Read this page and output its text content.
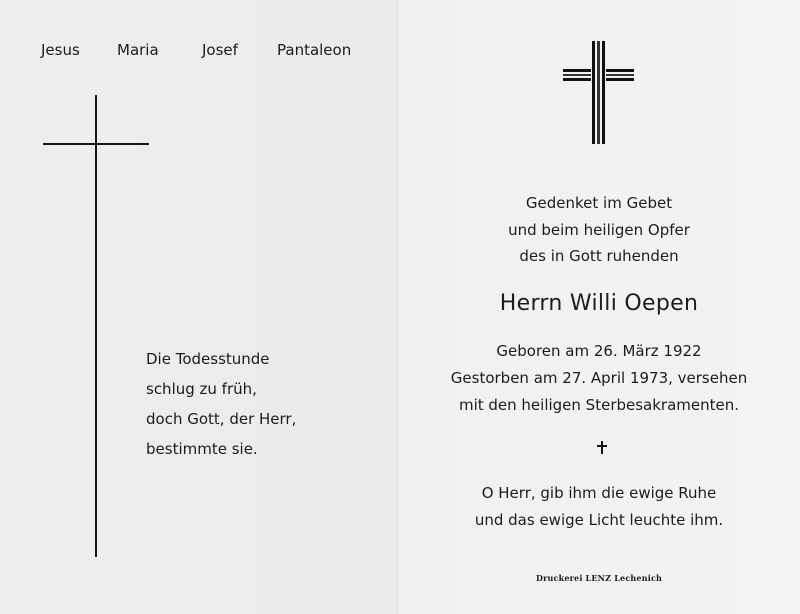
Jesus Maria	Josef	Pantaleon
Die Todesstunde
schlug zu früh,
doch Gott, der Herr,
bestimmte sie.
Gedenket im Gebet
und beim heiligen Opfer
des in Gott ruhenden
Herrn Willi Oepen
Geboren am 26. März 1922
Gestorben am 27. April 1973, versehen
mit den heiligen Sterbesakramenten.
O Herr, gib ihm die ewige Ruhe
und das ewige Licht leuchte ihm.
Druckerei LENZ Lechenich
